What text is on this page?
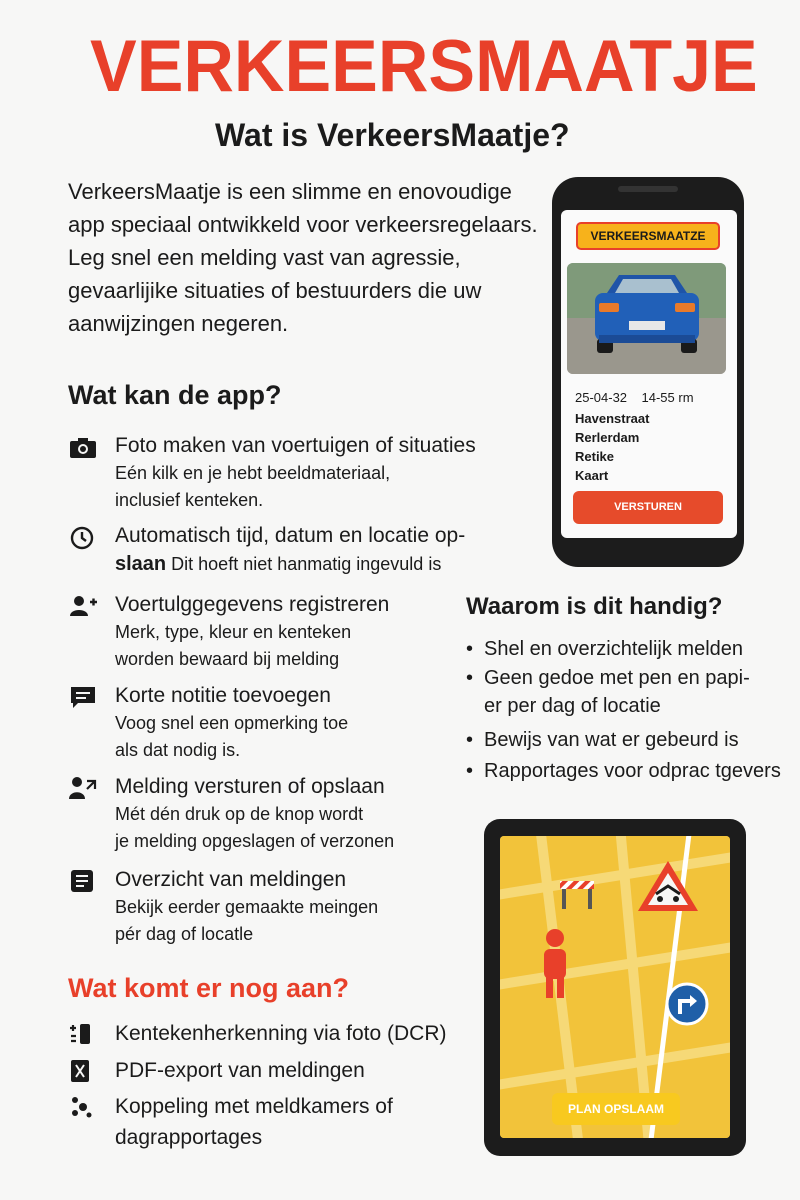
VERKEERSMAATJE
Wat is VerkeersMaatje?
VerkeersMaatje is een slimme en enovoudige app speciaal ontwikkeld voor verkeersregelaars. Leg snel een melding vast van agressie, gevaarlijike situaties of bestuurders die uw aanwijzingen negeren.
Wat kan de app?
Foto maken van voertuigen of situaties
Eén kilk en je hebt beeldmateriaal,
inclusief kenteken.
Automatisch tijd, datum en locatie op-
slaan Dit hoeft niet hanmatig ingevuld is
Voertulggegevens registreren
Merk, type, kleur en kenteken
worden bewaard bij melding
Korte notitie toevoegen
Voog snel een opmerking toe
als dat nodig is.
Melding versturen of opslaan
Mét dén druk op de knop wordt
je melding opgeslagen of verzonen
Overzicht van meldingen
Bekijk eerder gemaakte meingen
pér dag of locatle
Wat komt er nog aan?
Kentekenherkenning via foto (DCR)
PDF-export van meldingen
Koppeling met meldkamers of dagrapportages
VERKEERSMAATZE
25-04-32 14-55 rm
Havenstraat
Rerlerdam
Retike
Kaart
VERSTUREN
Waarom is dit handig?
• Shel en overzichtelijk melden
• Geen gedoe met pen en papi-
er per dag of locatie
• Bewijs van wat er gebeurd is
• Rapportages voor odprac tgevers
PLAN OPSLAAM
